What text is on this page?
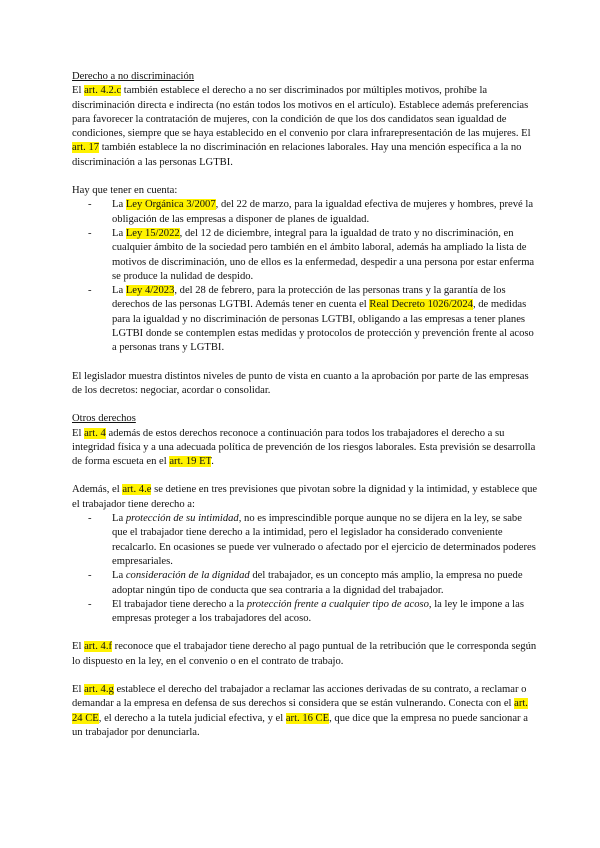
Derecho a no discriminación

El art. 4.2.c también establece el derecho a no ser discriminados por múltiples motivos, prohíbe la discriminación directa e indirecta (no están todos los motivos en el artículo). Establece además preferencias para favorecer la contratación de mujeres, con la condición de que los dos candidatos sean igualdad de condiciones, siempre que se haya establecido en el convenio por clara infrarepresentación de las mujeres. El art. 17 también establece la no discriminación en relaciones laborales. Hay una mención específica a la no discriminación a las personas LGTBI.

Hay que tener en cuenta:

- La Ley Orgánica 3/2007, del 22 de marzo, para la igualdad efectiva de mujeres y hombres, prevé la obligación de las empresas a disponer de planes de igualdad.
- La Ley 15/2022, del 12 de diciembre, integral para la igualdad de trato y no discriminación, en cualquier ámbito de la sociedad pero también en el ámbito laboral, además ha ampliado la lista de motivos de discriminación, uno de ellos es la enfermedad, despedir a una persona por estar enferma se produce la nulidad de despido.
- La Ley 4/2023, del 28 de febrero, para la protección de las personas trans y la garantía de los derechos de las personas LGTBI. Además tener en cuenta el Real Decreto 1026/2024, de medidas para la igualdad y no discriminación de personas LGTBI, obligando a las empresas a tener planes LGTBI donde se contemplen estas medidas y protocolos de protección y prevención frente al acoso a personas trans y LGTBI.

El legislador muestra distintos niveles de punto de vista en cuanto a la aprobación por parte de las empresas de los decretos: negociar, acordar o consolidar.

Otros derechos

El art. 4 además de estos derechos reconoce a continuación para todos los trabajadores el derecho a su integridad física y a una adecuada política de prevención de los riesgos laborales. Esta previsión se desarrolla de forma escueta en el art. 19 ET.

Además, el art. 4.e se detiene en tres previsiones que pivotan sobre la dignidad y la intimidad, y establece que el trabajador tiene derecho a:

- La protección de su intimidad, no es imprescindible porque aunque no se dijera en la ley, se sabe que el trabajador tiene derecho a la intimidad, pero el legislador ha considerado conveniente recalcarlo. En ocasiones se puede ver vulnerado o afectado por el ejercicio de determinados poderes empresariales.
- La consideración de la dignidad del trabajador, es un concepto más amplio, la empresa no puede adoptar ningún tipo de conducta que sea contraria a la dignidad del trabajador.
- El trabajador tiene derecho a la protección frente a cualquier tipo de acoso, la ley le impone a las empresas proteger a los trabajadores del acoso.

El art. 4.f reconoce que el trabajador tiene derecho al pago puntual de la retribución que le corresponda según lo dispuesto en la ley, en el convenio o en el contrato de trabajo.

El art. 4.g establece el derecho del trabajador a reclamar las acciones derivadas de su contrato, a reclamar o demandar a la empresa en defensa de sus derechos si considera que se están vulnerando. Conecta con el art. 24 CE, el derecho a la tutela judicial efectiva, y el art. 16 CE, que dice que la empresa no puede sancionar a un trabajador por denunciarla.
